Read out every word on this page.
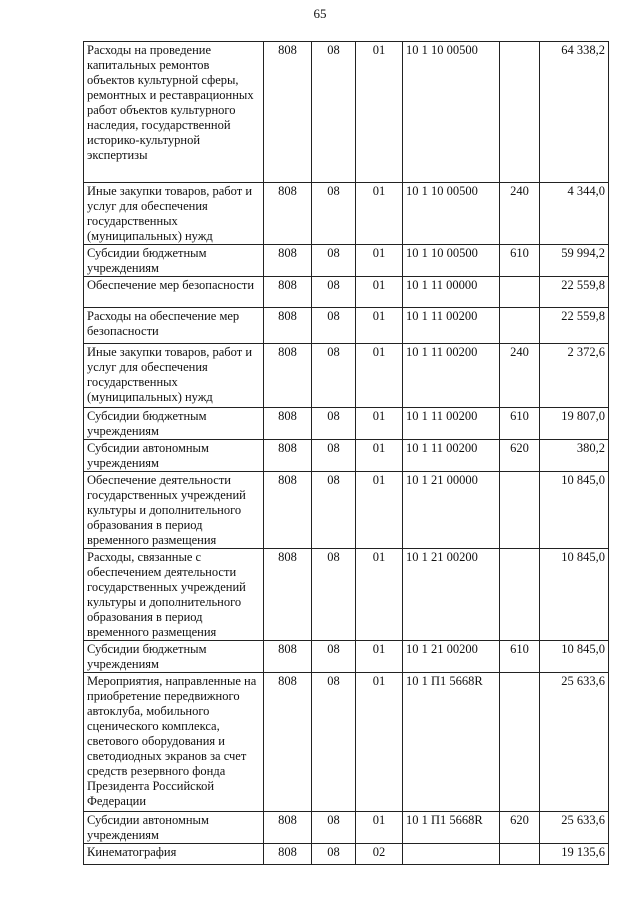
65
Расходы на проведение капитальных ремонтов объектов культурной сферы, ремонтных и реставрационных работ объектов культурного наследия, государственной историко-культурной экспертизы	808	08	01	10 1 10 00500		64 338,2
Иные закупки товаров, работ и услуг для обеспечения государственных (муниципальных) нужд	808	08	01	10 1 10 00500	240	4 344,0
Субсидии бюджетным учреждениям	808	08	01	10 1 10 00500	610	59 994,2
Обеспечение мер безопасности	808	08	01	10 1 11 00000		22 559,8
Расходы на обеспечение мер безопасности	808	08	01	10 1 11 00200		22 559,8
Иные закупки товаров, работ и услуг для обеспечения государственных (муниципальных) нужд	808	08	01	10 1 11 00200	240	2 372,6
Субсидии бюджетным учреждениям	808	08	01	10 1 11 00200	610	19 807,0
Субсидии автономным учреждениям	808	08	01	10 1 11 00200	620	380,2
Обеспечение деятельности государственных учреждений культуры и дополнительного образования в период временного размещения	808	08	01	10 1 21 00000		10 845,0
Расходы, связанные с обеспечением деятельности государственных учреждений культуры и дополнительного образования в период временного размещения	808	08	01	10 1 21 00200		10 845,0
Субсидии бюджетным учреждениям	808	08	01	10 1 21 00200	610	10 845,0
Мероприятия, направленные на приобретение передвижного автоклуба, мобильного сценического комплекса, светового оборудования и светодиодных экранов за счет средств резервного фонда Президента Российской Федерации	808	08	01	10 1 П1 5668R		25 633,6
Субсидии автономным учреждениям	808	08	01	10 1 П1 5668R	620	25 633,6
Кинематография	808	08	02			19 135,6
